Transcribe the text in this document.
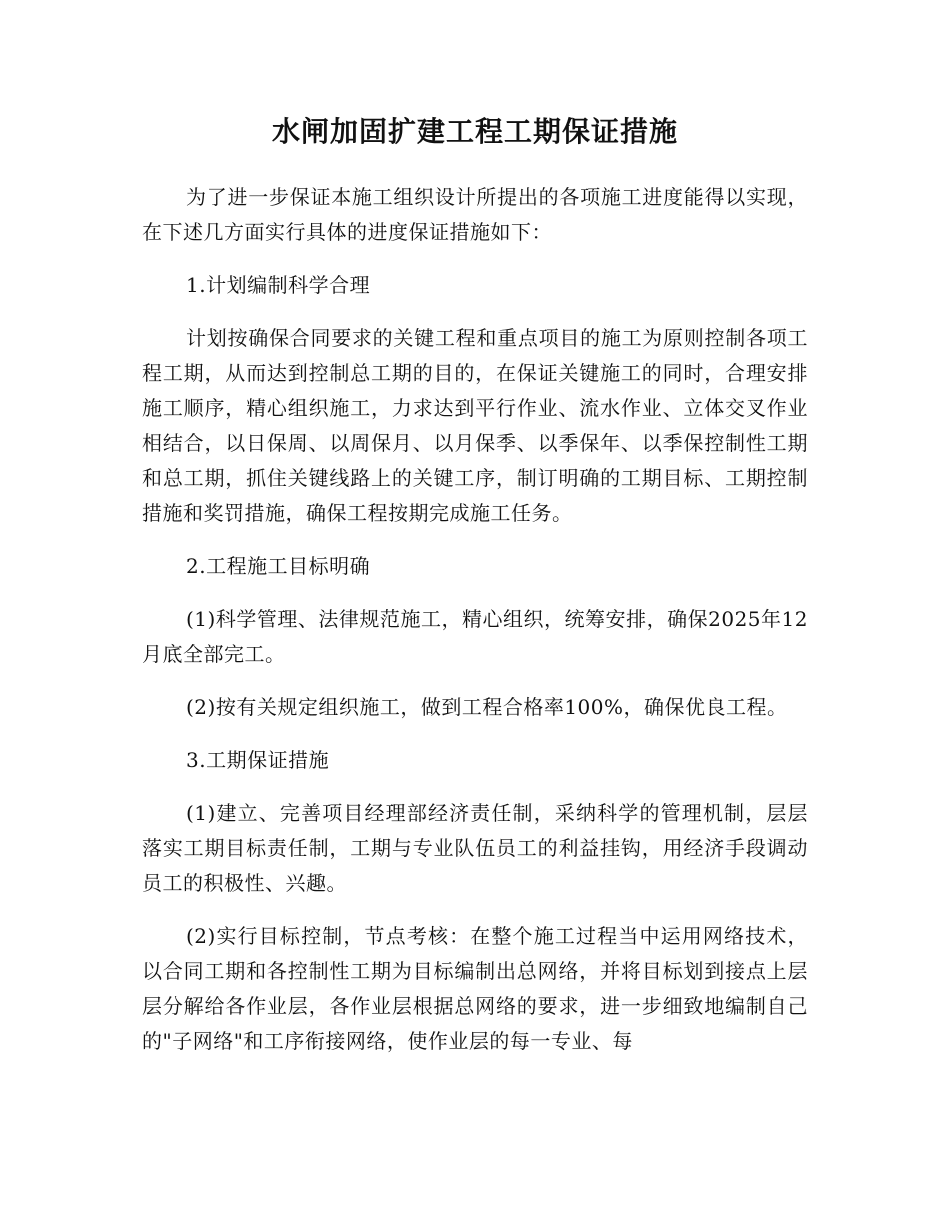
水闸加固扩建工程工期保证措施

为了进一步保证本施工组织设计所提出的各项施工进度能得以实现，在下述几方面实行具体的进度保证措施如下：

1.计划编制科学合理

计划按确保合同要求的关键工程和重点项目的施工为原则控制各项工程工期，从而达到控制总工期的目的，在保证关键施工的同时，合理安排施工顺序，精心组织施工，力求达到平行作业、流水作业、立体交叉作业相结合，以日保周、以周保月、以月保季、以季保年、以季保控制性工期和总工期，抓住关键线路上的关键工序，制订明确的工期目标、工期控制措施和奖罚措施，确保工程按期完成施工任务。

2.工程施工目标明确

(1)科学管理、法律规范施工，精心组织，统筹安排，确保2025年12月底全部完工。

(2)按有关规定组织施工，做到工程合格率100%，确保优良工程。

3.工期保证措施

(1)建立、完善项目经理部经济责任制，采纳科学的管理机制，层层落实工期目标责任制，工期与专业队伍员工的利益挂钩，用经济手段调动员工的积极性、兴趣。

(2)实行目标控制，节点考核：在整个施工过程当中运用网络技术，以合同工期和各控制性工期为目标编制出总网络，并将目标划到接点上层层分解给各作业层，各作业层根据总网络的要求，进一步细致地编制自己的"子网络"和工序衔接网络，使作业层的每一专业、每
